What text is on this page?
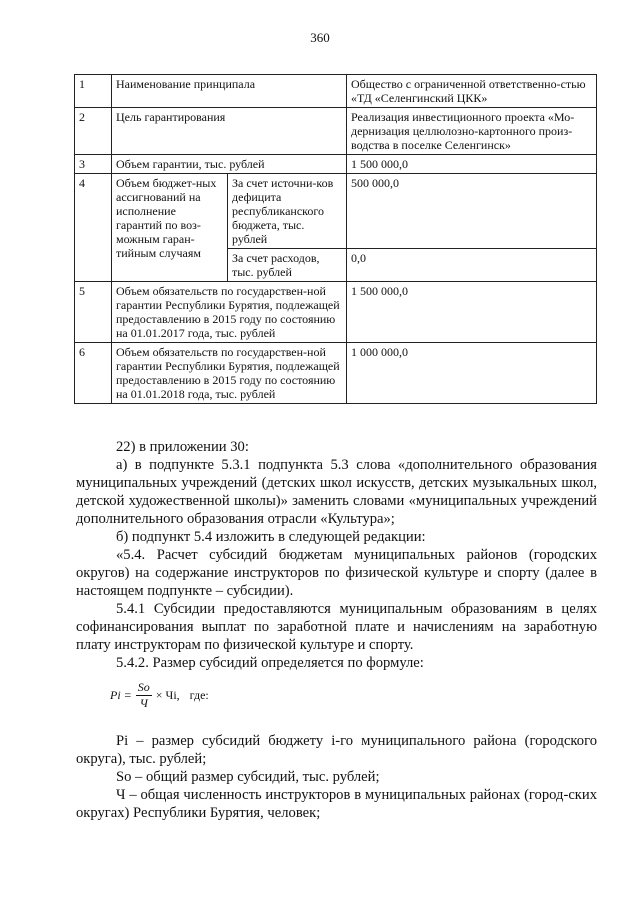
360
1	Наименование принципала		Общество с ограниченной ответственно-стью «ТД «Селенгинский ЦКК»
2	Цель гарантирования		Реализация инвестиционного проекта «Мо-дернизация целлюлозно-картонного произ-водства в поселке Селенгинск»
3	Объем гарантии, тыс. рублей		1 500 000,0
4	Объем бюджет-ных ассигнований на исполнение гарантий по воз-можным гаран-тийным случаям	За счет источни-ков дефицита республиканского бюджета, тыс. рублей	500 000,0
		За счет расходов, тыс. рублей	0,0
5	Объем обязательств по государствен-ной гарантии Республики Бурятия, подлежащей предоставлению в 2015 году по состоянию на 01.01.2017 года, тыс. рублей		1 500 000,0
6	Объем обязательств по государствен-ной гарантии Республики Бурятия, подлежащей предоставлению в 2015 году по состоянию на 01.01.2018 года, тыс. рублей		1 000 000,0

22) в приложении 30:

а) в подпункте 5.3.1 подпункта 5.3 слова «дополнительного образования муниципальных учреждений (детских школ искусств, детских музыкальных школ, детской художественной школы)» заменить словами «муниципальных учреждений дополнительного образования отрасли «Культура»;

б) подпункт 5.4 изложить в следующей редакции:

«5.4. Расчет субсидий бюджетам муниципальных районов (городских округов) на содержание инструкторов по физической культуре и спорту (далее в настоящем подпункте – субсидии).

5.4.1 Субсидии предоставляются муниципальным образованиям в целях софинансирования выплат по заработной плате и начислениям на заработную плату инструкторам по физической культуре и спорту.

5.4.2. Размер субсидий определяется по формуле:

$Pi = \frac{So}{Ч}$ × Чi, где:

Pi – размер субсидий бюджету i-го муниципального района (городского округа), тыс. рублей;

So – общий размер субсидий, тыс. рублей;

Ч – общая численность инструкторов в муниципальных районах (город-ских округах) Республики Бурятия, человек;
